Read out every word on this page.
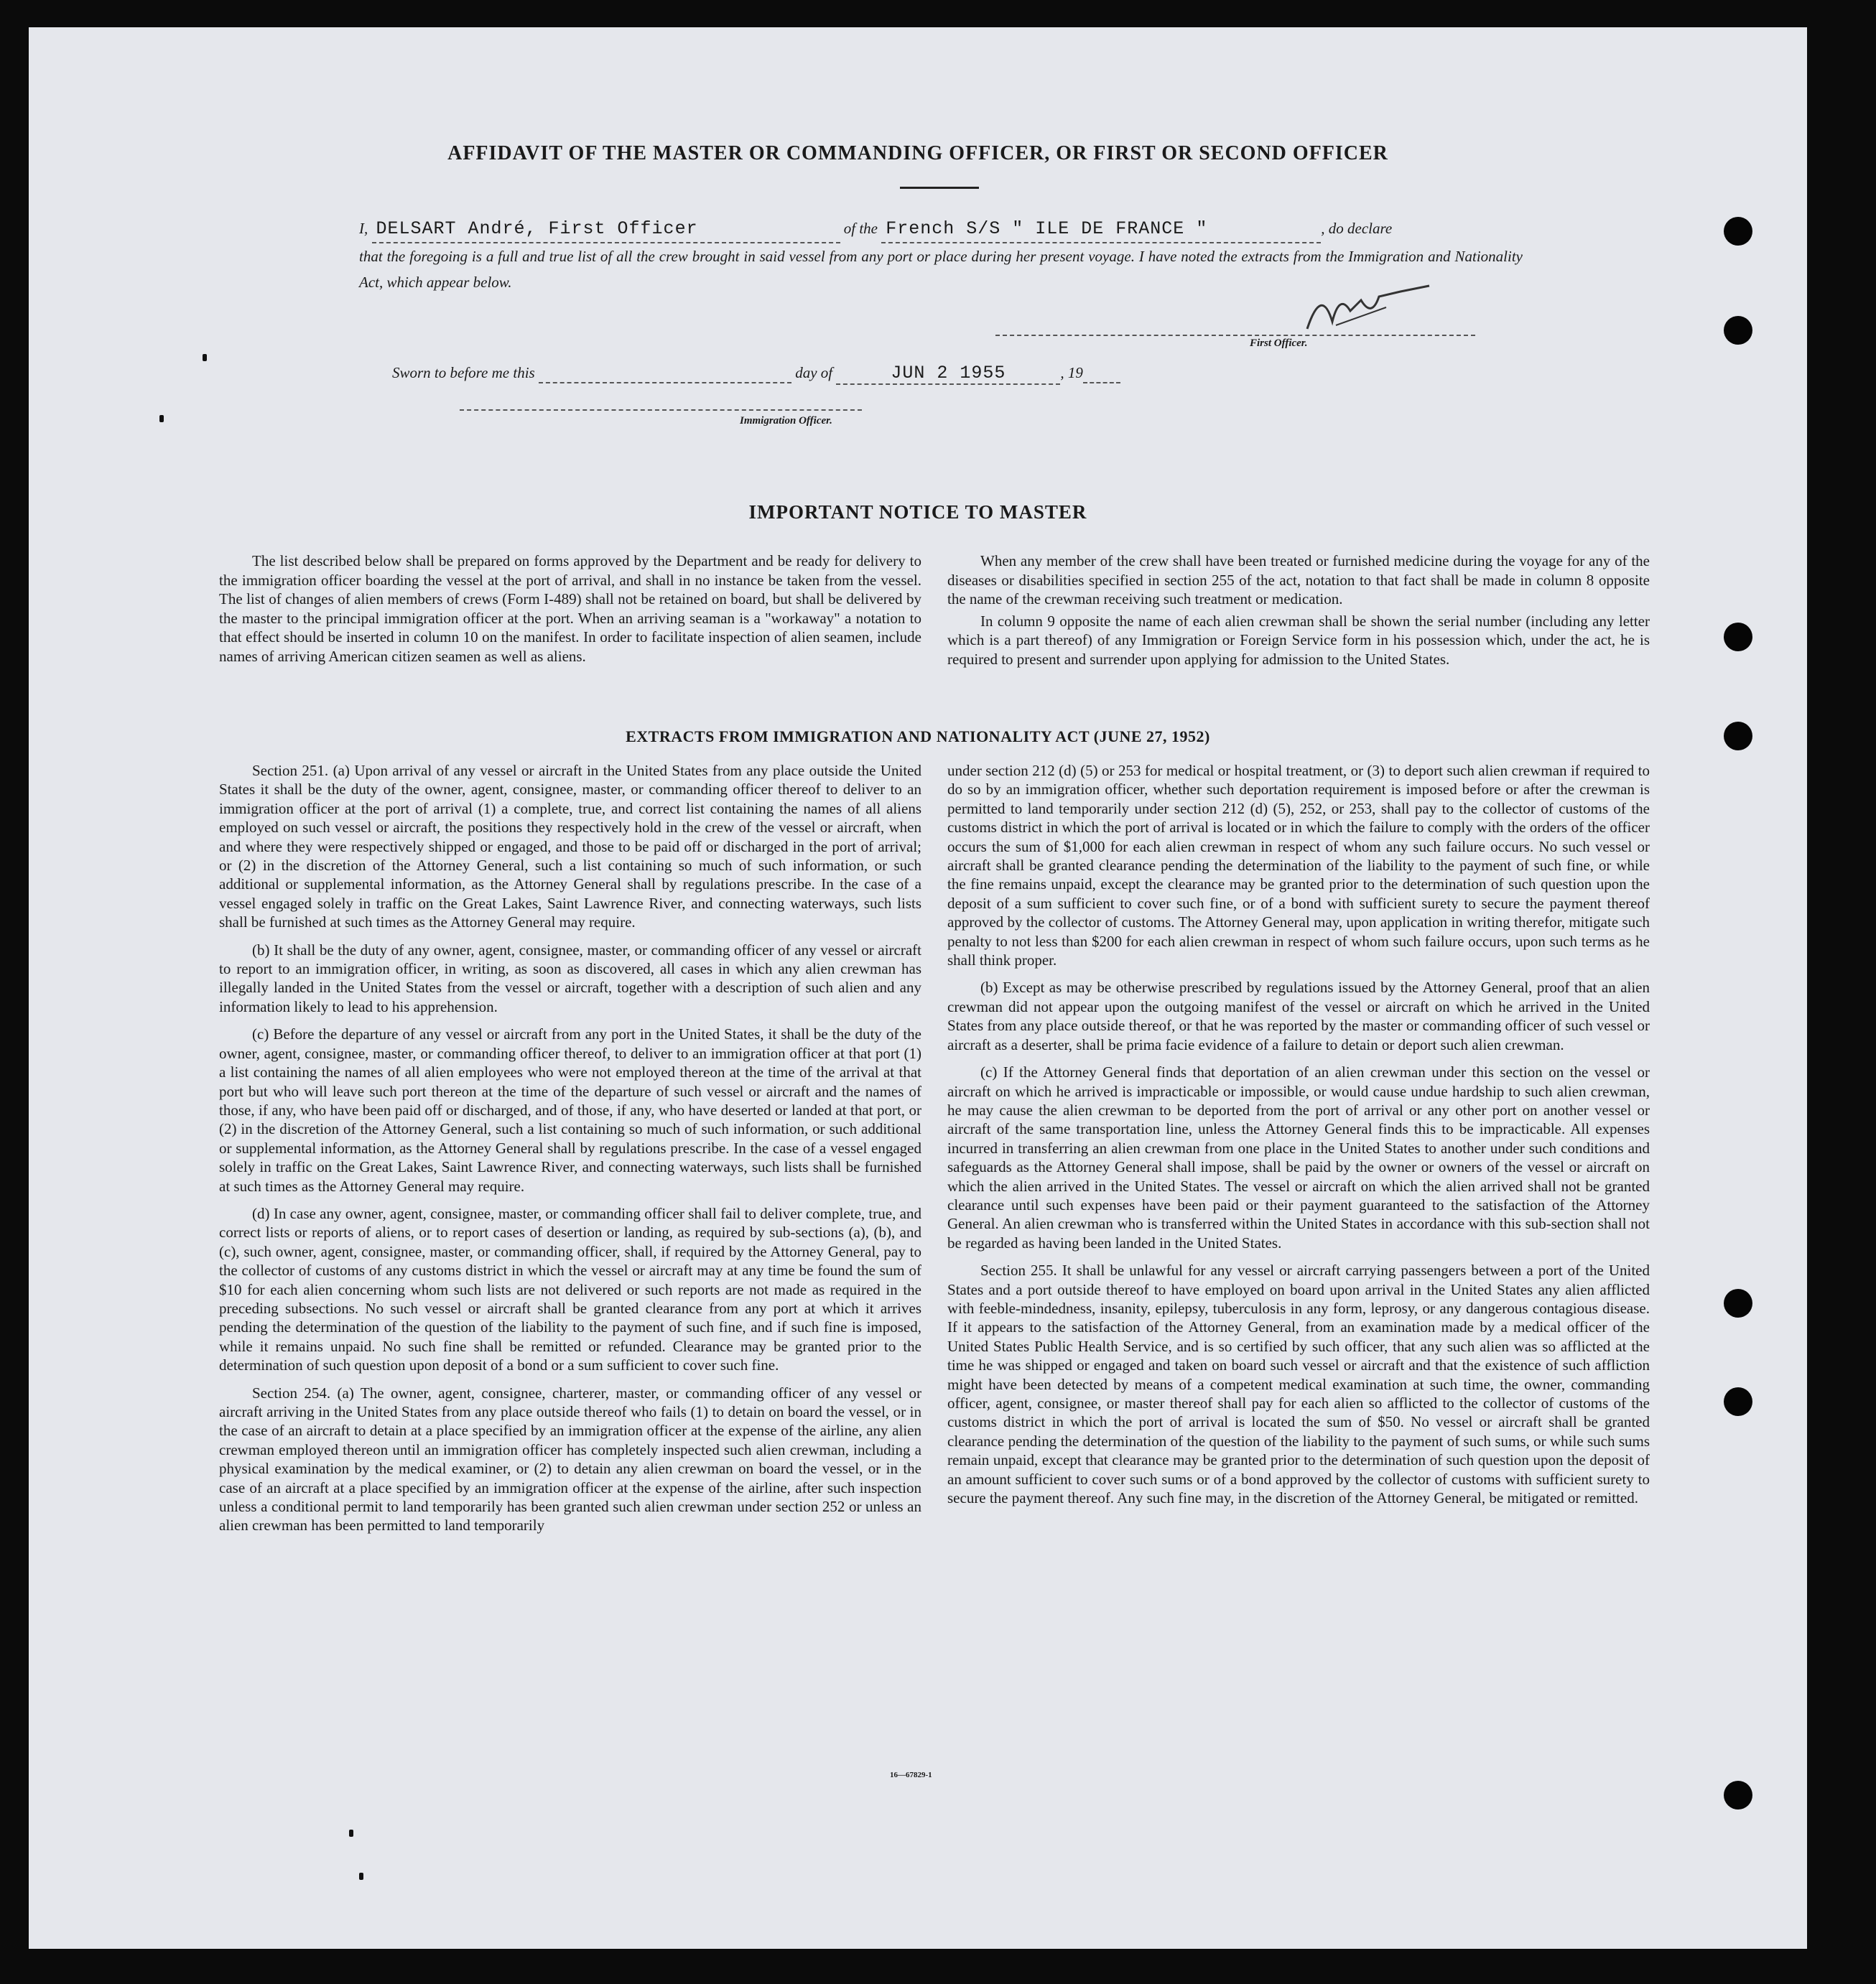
AFFIDAVIT OF THE MASTER OR COMMANDING OFFICER, OR FIRST OR SECOND OFFICER
I, DELSART André, First Officer	of the French S/S " ILE DE FRANCE "	, do declare
that the foregoing is a full and true list of all the crew brought in said vessel from any port or place during her present voyage. I have noted the extracts from the Immigration and Nationality Act, which appear below.
First Officer.
Sworn to before me this	day of	JUN 2 1955	, 19
Immigration Officer.
IMPORTANT NOTICE TO MASTER

The list described below shall be prepared on forms approved by the Department and be ready for delivery to the immigration officer boarding the vessel at the port of arrival, and shall in no instance be taken from the vessel. The list of changes of alien members of crews (Form I-489) shall not be retained on board, but shall be delivered by the master to the principal immigration officer at the port. When an arriving seaman is a "workaway" a notation to that effect should be inserted in column 10 on the manifest. In order to facilitate inspection of alien seamen, include names of arriving American citizen seamen as well as aliens.

When any member of the crew shall have been treated or furnished medicine during the voyage for any of the diseases or disabilities specified in section 255 of the act, notation to that fact shall be made in column 8 opposite the name of the crewman receiving such treatment or medication.

In column 9 opposite the name of each alien crewman shall be shown the serial number (including any letter which is a part thereof) of any Immigration or Foreign Service form in his possession which, under the act, he is required to present and surrender upon applying for admission to the United States.

EXTRACTS FROM IMMIGRATION AND NATIONALITY ACT (JUNE 27, 1952)

Section 251. (a) Upon arrival of any vessel or aircraft in the United States from any place outside the United States it shall be the duty of the owner, agent, consignee, master, or commanding officer thereof to deliver to an immigration officer at the port of arrival (1) a complete, true, and correct list containing the names of all aliens employed on such vessel or aircraft, the positions they respectively hold in the crew of the vessel or aircraft, when and where they were respectively shipped or engaged, and those to be paid off or discharged in the port of arrival; or (2) in the discretion of the Attorney General, such a list containing so much of such information, or such additional or supplemental information, as the Attorney General shall by regulations prescribe. In the case of a vessel engaged solely in traffic on the Great Lakes, Saint Lawrence River, and connecting waterways, such lists shall be furnished at such times as the Attorney General may require.

(b) It shall be the duty of any owner, agent, consignee, master, or commanding officer of any vessel or aircraft to report to an immigration officer, in writing, as soon as discovered, all cases in which any alien crewman has illegally landed in the United States from the vessel or aircraft, together with a description of such alien and any information likely to lead to his apprehension.

(c) Before the departure of any vessel or aircraft from any port in the United States, it shall be the duty of the owner, agent, consignee, master, or commanding officer thereof, to deliver to an immigration officer at that port (1) a list containing the names of all alien employees who were not employed thereon at the time of the arrival at that port but who will leave such port thereon at the time of the departure of such vessel or aircraft and the names of those, if any, who have been paid off or discharged, and of those, if any, who have deserted or landed at that port, or (2) in the discretion of the Attorney General, such a list containing so much of such information, or such additional or supplemental information, as the Attorney General shall by regulations prescribe. In the case of a vessel engaged solely in traffic on the Great Lakes, Saint Lawrence River, and connecting waterways, such lists shall be furnished at such times as the Attorney General may require.

(d) In case any owner, agent, consignee, master, or commanding officer shall fail to deliver complete, true, and correct lists or reports of aliens, or to report cases of desertion or landing, as required by sub-sections (a), (b), and (c), such owner, agent, consignee, master, or commanding officer, shall, if required by the Attorney General, pay to the collector of customs of any customs district in which the vessel or aircraft may at any time be found the sum of $10 for each alien concerning whom such lists are not delivered or such reports are not made as required in the preceding subsections. No such vessel or aircraft shall be granted clearance from any port at which it arrives pending the determination of the question of the liability to the payment of such fine, and if such fine is imposed, while it remains unpaid. No such fine shall be remitted or refunded. Clearance may be granted prior to the determination of such question upon deposit of a bond or a sum sufficient to cover such fine.

Section 254. (a) The owner, agent, consignee, charterer, master, or commanding officer of any vessel or aircraft arriving in the United States from any place outside thereof who fails (1) to detain on board the vessel, or in the case of an aircraft to detain at a place specified by an immigration officer at the expense of the airline, any alien crewman employed thereon until an immigration officer has completely inspected such alien crewman, including a physical examination by the medical examiner, or (2) to detain any alien crewman on board the vessel, or in the case of an aircraft at a place specified by an immigration officer at the expense of the airline, after such inspection unless a conditional permit to land temporarily has been granted such alien crewman under section 252 or unless an alien crewman has been permitted to land temporarily

under section 212 (d) (5) or 253 for medical or hospital treatment, or (3) to deport such alien crewman if required to do so by an immigration officer, whether such deportation requirement is imposed before or after the crewman is permitted to land temporarily under section 212 (d) (5), 252, or 253, shall pay to the collector of customs of the customs district in which the port of arrival is located or in which the failure to comply with the orders of the officer occurs the sum of $1,000 for each alien crewman in respect of whom any such failure occurs. No such vessel or aircraft shall be granted clearance pending the determination of the liability to the payment of such fine, or while the fine remains unpaid, except the clearance may be granted prior to the determination of such question upon the deposit of a sum sufficient to cover such fine, or of a bond with sufficient surety to secure the payment thereof approved by the collector of customs. The Attorney General may, upon application in writing therefor, mitigate such penalty to not less than $200 for each alien crewman in respect of whom such failure occurs, upon such terms as he shall think proper.

(b) Except as may be otherwise prescribed by regulations issued by the Attorney General, proof that an alien crewman did not appear upon the outgoing manifest of the vessel or aircraft on which he arrived in the United States from any place outside thereof, or that he was reported by the master or commanding officer of such vessel or aircraft as a deserter, shall be prima facie evidence of a failure to detain or deport such alien crewman.

(c) If the Attorney General finds that deportation of an alien crewman under this section on the vessel or aircraft on which he arrived is impracticable or impossible, or would cause undue hardship to such alien crewman, he may cause the alien crewman to be deported from the port of arrival or any other port on another vessel or aircraft of the same transportation line, unless the Attorney General finds this to be impracticable. All expenses incurred in transferring an alien crewman from one place in the United States to another under such conditions and safeguards as the Attorney General shall impose, shall be paid by the owner or owners of the vessel or aircraft on which the alien arrived in the United States. The vessel or aircraft on which the alien arrived shall not be granted clearance until such expenses have been paid or their payment guaranteed to the satisfaction of the Attorney General. An alien crewman who is transferred within the United States in accordance with this sub-section shall not be regarded as having been landed in the United States.

Section 255. It shall be unlawful for any vessel or aircraft carrying passengers between a port of the United States and a port outside thereof to have employed on board upon arrival in the United States any alien afflicted with feeble-mindedness, insanity, epilepsy, tuberculosis in any form, leprosy, or any dangerous contagious disease. If it appears to the satisfaction of the Attorney General, from an examination made by a medical officer of the United States Public Health Service, and is so certified by such officer, that any such alien was so afflicted at the time he was shipped or engaged and taken on board such vessel or aircraft and that the existence of such affliction might have been detected by means of a competent medical examination at such time, the owner, commanding officer, agent, consignee, or master thereof shall pay for each alien so afflicted to the collector of customs of the customs district in which the port of arrival is located the sum of $50. No vessel or aircraft shall be granted clearance pending the determination of the question of the liability to the payment of such sums, or while such sums remain unpaid, except that clearance may be granted prior to the determination of such question upon the deposit of an amount sufficient to cover such sums or of a bond approved by the collector of customs with sufficient surety to secure the payment thereof. Any such fine may, in the discretion of the Attorney General, be mitigated or remitted.

16—67829-1
